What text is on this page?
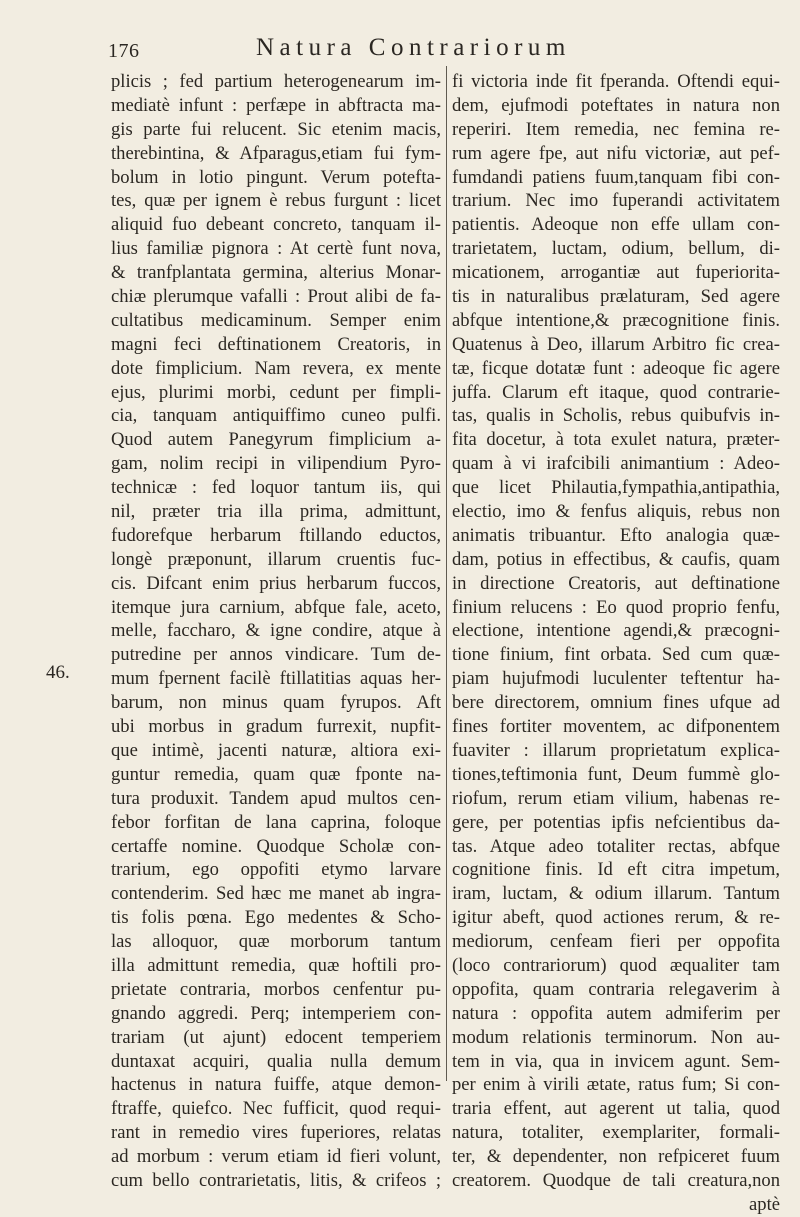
176	Natura Contrariorum
46.
plicis ; fed partium heterogenearum im-
mediatè infunt : perfæpe in abftracta ma-
gis parte fui relucent. Sic etenim macis,
therebintina, & Afparagus,etiam fui fym-
bolum in lotio pingunt. Verum potefta-
tes, quæ per ignem è rebus furgunt : licet
aliquid fuo debeant concreto, tanquam il-
lius familiæ pignora : At certè funt nova,
& tranfplantata germina, alterius Monar-
chiæ plerumque vafalli : Prout alibi de fa-
cultatibus medicaminum. Semper enim
magni feci deftinationem Creatoris, in
dote fimplicium. Nam revera, ex mente
ejus, plurimi morbi, cedunt per fimpli-
cia, tanquam antiquiffimo cuneo pulfi.
Quod autem Panegyrum fimplicium a-
gam, nolim recipi in vilipendium Pyro-
technicæ : fed loquor tantum iis, qui
nil, præter tria illa prima, admittunt,
fudorefque herbarum ftillando eductos,
longè præponunt, illarum cruentis fuc-
cis. Difcant enim prius herbarum fuccos,
itemque jura carnium, abfque fale, aceto,
melle, faccharo, & igne condire, atque à
putredine per annos vindicare. Tum de-
mum fpernent facilè ftillatitias aquas her-
barum, non minus quam fyrupos. Aft
ubi morbus in gradum furrexit, nupfit-
que intimè, jacenti naturæ, altiora exi-
guntur remedia, quam quæ fponte na-
tura produxit. Tandem apud multos cen-
febor forfitan de lana caprina, foloque
certaffe nomine. Quodque Scholæ con-
trarium, ego oppofiti etymo larvare
contenderim. Sed hæc me manet ab ingra-
tis folis pœna. Ego medentes & Scho-
las alloquor, quæ morborum tantum
illa admittunt remedia, quæ hoftili pro-
prietate contraria, morbos cenfentur pu-
gnando aggredi. Perq; intemperiem con-
trariam (ut ajunt) edocent temperiem
duntaxat acquiri, qualia nulla demum
hactenus in natura fuiffe, atque demon-
ftraffe, quiefco. Nec fufficit, quod requi-
rant in remedio vires fuperiores, relatas
ad morbum : verum etiam id fieri volunt,
cum bello contrarietatis, litis, & crifeos ;
fi victoria inde fit fperanda. Oftendi equi-
dem, ejufmodi poteftates in natura non
reperiri. Item remedia, nec femina re-
rum agere fpe, aut nifu victoriæ, aut pef-
fumdandi patiens fuum,tanquam fibi con-
trarium. Nec imo fuperandi activitatem
patientis. Adeoque non effe ullam con-
trarietatem, luctam, odium, bellum, di-
micationem, arrogantiæ aut fuperiorita-
tis in naturalibus prælaturam, Sed agere
abfque intentione,& præcognitione finis.
Quatenus à Deo, illarum Arbitro fic crea-
tæ, ficque dotatæ funt : adeoque fic agere
juffa. Clarum eft itaque, quod contrarie-
tas, qualis in Scholis, rebus quibufvis in-
fita docetur, à tota exulet natura, præter-
quam à vi irafcibili animantium : Adeo-
que licet Philautia,fympathia,antipathia,
electio, imo & fenfus aliquis, rebus non
animatis tribuantur. Efto analogia quæ-
dam, potius in effectibus, & caufis, quam
in directione Creatoris, aut deftinatione
finium relucens : Eo quod proprio fenfu,
electione, intentione agendi,& præcogni-
tione finium, fint orbata. Sed cum quæ-
piam hujufmodi luculenter teftentur ha-
bere directorem, omnium fines ufque ad
fines fortiter moventem, ac difponentem
fuaviter : illarum proprietatum explica-
tiones,teftimonia funt, Deum fummè glo-
riofum, rerum etiam vilium, habenas re-
gere, per potentias ipfis nefcientibus da-
tas. Atque adeo totaliter rectas, abfque
cognitione finis. Id eft citra impetum,
iram, luctam, & odium illarum. Tantum
igitur abeft, quod actiones rerum, & re-
mediorum, cenfeam fieri per oppofita
(loco contrariorum) quod æqualiter tam
oppofita, quam contraria relegaverim à
natura : oppofita autem admiferim per
modum relationis terminorum. Non au-
tem in via, qua in invicem agunt. Sem-
per enim à virili ætate, ratus fum; Si con-
traria effent, aut agerent ut talia, quod
natura, totaliter, exemplariter, formali-
ter, & dependenter, non refpiceret fuum
creatorem. Quodque de tali creatura,non
aptè
